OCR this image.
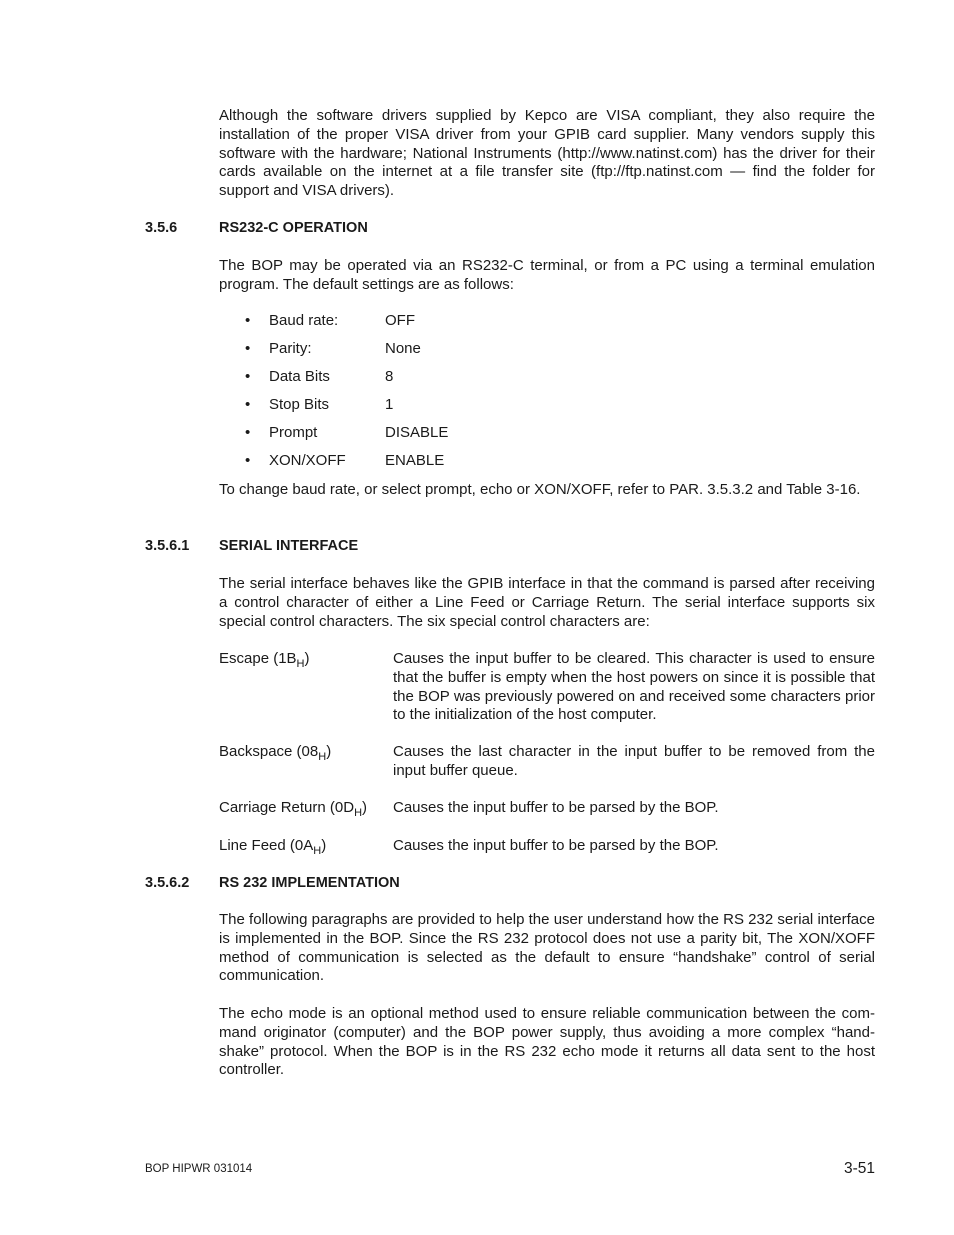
Although the software drivers supplied by Kepco are VISA compliant, they also require the installation of the proper VISA driver from your GPIB card supplier. Many vendors supply this software with the hardware; National Instruments (http://www.natinst.com) has the driver for their cards available on the internet at a file transfer site (ftp://ftp.natinst.com — find the folder for support and VISA drivers).

3.5.6	RS232-C OPERATION

The BOP may be operated via an RS232-C terminal, or from a PC using a terminal emulation program. The default settings are as follows:

• Baud rate:	OFF
• Parity:	None
• Data Bits	8
• Stop Bits	1
• Prompt	DISABLE
• XON/XOFF	ENABLE

To change baud rate, or select prompt, echo or XON/XOFF, refer to PAR. 3.5.3.2 and Table 3-16.

3.5.6.1 SERIAL INTERFACE

The serial interface behaves like the GPIB interface in that the command is parsed after receiving a control character of either a Line Feed or Carriage Return. The serial interface supports six special control characters. The six special control characters are:

Escape $(1B_H)$	Causes the input buffer to be cleared. This character is used to ensure that the buffer is empty when the host powers on since it is possible that the BOP was previously powered on and received some characters prior to the initialization of the host computer.
Backspace $(08_H)$	Causes the last character in the input buffer to be removed from the input buffer queue.
Carriage Return $(0D_H)$ Causes the input buffer to be parsed by the BOP.
Line Feed $(0A_H)$	Causes the input buffer to be parsed by the BOP.
3.5.6.2 RS 232 IMPLEMENTATION

The following paragraphs are provided to help the user understand how the RS 232 serial interface is implemented in the BOP. Since the RS 232 protocol does not use a parity bit, The XON/XOFF method of communication is selected as the default to ensure “handshake” control of serial communication.

The echo mode is an optional method used to ensure reliable communication between the command originator (computer) and the BOP power supply, thus avoiding a more complex “handshake” protocol. When the BOP is in the RS 232 echo mode it returns all data sent to the host controller.

BOP HIPWR 031014	3-51
